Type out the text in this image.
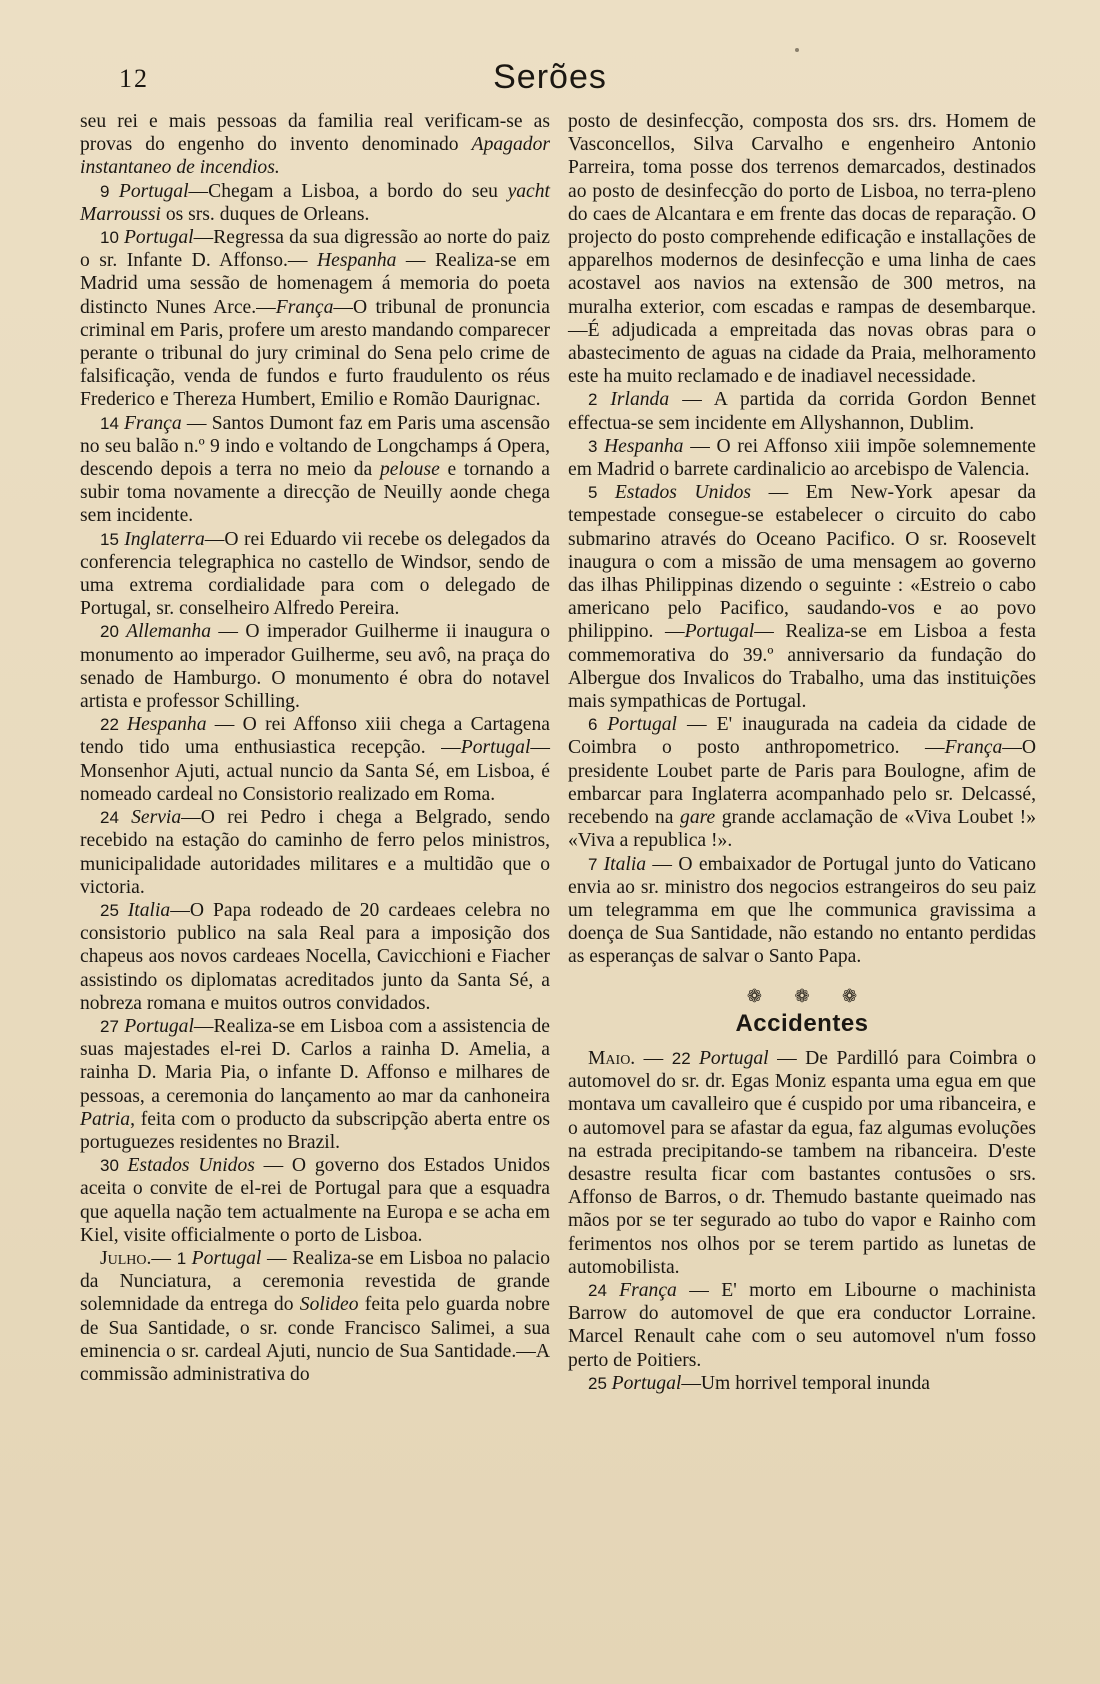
12	Serões

seu rei e mais pessoas da familia real verificam-se as provas do engenho do invento denominado Apagador instantaneo de incendios.

9 Portugal—Chegam a Lisboa, a bordo do seu yacht Marroussi os srs. duques de Orleans.

10 Portugal—Regressa da sua digressão ao norte do paiz o sr. Infante D. Affonso.— Hespanha — Realiza-se em Madrid uma sessão de homenagem á memoria do poeta distincto Nunes Arce.—França—O tribunal de pronuncia criminal em Paris, profere um aresto mandando comparecer perante o tribunal do jury criminal do Sena pelo crime de falsificação, venda de fundos e furto fraudulento os réus Frederico e Thereza Humbert, Emilio e Romão Daurignac.

14 França — Santos Dumont faz em Paris uma ascensão no seu balão n.º 9 indo e voltando de Longchamps á Opera, descendo depois a terra no meio da pelouse e tornando a subir toma novamente a direcção de Neuilly aonde chega sem incidente.

15 Inglaterra—O rei Eduardo vii recebe os delegados da conferencia telegraphica no castello de Windsor, sendo de uma extrema cordialidade para com o delegado de Portugal, sr. conselheiro Alfredo Pereira.

20 Allemanha — O imperador Guilherme ii inaugura o monumento ao imperador Guilherme, seu avô, na praça do senado de Hamburgo. O monumento é obra do notavel artista e professor Schilling.

22 Hespanha — O rei Affonso xiii chega a Cartagena tendo tido uma enthusiastica recepção. —Portugal— Monsenhor Ajuti, actual nuncio da Santa Sé, em Lisboa, é nomeado cardeal no Consistorio realizado em Roma.

24 Servia—O rei Pedro i chega a Belgrado, sendo recebido na estação do caminho de ferro pelos ministros, municipalidade autoridades militares e a multidão que o victoria.

25 Italia—O Papa rodeado de 20 cardeaes celebra no consistorio publico na sala Real para a imposição dos chapeus aos novos cardeaes Nocella, Cavicchioni e Fiacher assistindo os diplomatas acreditados junto da Santa Sé, a nobreza romana e muitos outros convidados.

27 Portugal—Realiza-se em Lisboa com a assistencia de suas majestades el-rei D. Carlos a rainha D. Amelia, a rainha D. Maria Pia, o infante D. Affonso e milhares de pessoas, a ceremonia do lançamento ao mar da canhoneira Patria, feita com o producto da subscripção aberta entre os portuguezes residentes no Brazil.

30 Estados Unidos — O governo dos Estados Unidos aceita o convite de el-rei de Portugal para que a esquadra que aquella nação tem actualmente na Europa e se acha em Kiel, visite officialmente o porto de Lisboa.

Julho.— 1 Portugal — Realiza-se em Lisboa no palacio da Nunciatura, a ceremonia revestida de grande solemnidade da entrega do Solideo feita pelo guarda nobre de Sua Santidade, o sr. conde Francisco Salimei, a sua eminencia o sr. cardeal Ajuti, nuncio de Sua Santidade.—A commissão administrativa do

posto de desinfecção, composta dos srs. drs. Homem de Vasconcellos, Silva Carvalho e engenheiro Antonio Parreira, toma posse dos terrenos demarcados, destinados ao posto de desinfecção do porto de Lisboa, no terra-pleno do caes de Alcantara e em frente das docas de reparação. O projecto do posto comprehende edificação e installações de apparelhos modernos de desinfecção e uma linha de caes acostavel aos navios na extensão de 300 metros, na muralha exterior, com escadas e rampas de desembarque.—É adjudicada a empreitada das novas obras para o abastecimento de aguas na cidade da Praia, melhoramento este ha muito reclamado e de inadiavel necessidade.

2 Irlanda — A partida da corrida Gordon Bennet effectua-se sem incidente em Allyshannon, Dublim.

3 Hespanha — O rei Affonso xiii impõe solemnemente em Madrid o barrete cardinalicio ao arcebispo de Valencia.

5 Estados Unidos — Em New-York apesar da tempestade consegue-se estabelecer o circuito do cabo submarino através do Oceano Pacifico. O sr. Roosevelt inaugura o com a missão de uma mensagem ao governo das ilhas Philippinas dizendo o seguinte : «Estreio o cabo americano pelo Pacifico, saudando-vos e ao povo philippino. —Portugal— Realiza-se em Lisboa a festa commemorativa do 39.º anniversario da fundação do Albergue dos Invalicos do Trabalho, uma das instituições mais sympathicas de Portugal.

6 Portugal — E' inaugurada na cadeia da cidade de Coimbra o posto anthropometrico. —França—O presidente Loubet parte de Paris para Boulogne, afim de embarcar para Inglaterra acompanhado pelo sr. Delcassé, recebendo na gare grande acclamação de «Viva Loubet !» «Viva a republica !».

7 Italia — O embaixador de Portugal junto do Vaticano envia ao sr. ministro dos negocios estrangeiros do seu paiz um telegramma em que lhe communica gravissima a doença de Sua Santidade, não estando no entanto perdidas as esperanças de salvar o Santo Papa.

❁ ❁ ❁
Accidentes

Maio. — 22 Portugal — De Pardilló para Coimbra o automovel do sr. dr. Egas Moniz espanta uma egua em que montava um cavalleiro que é cuspido por uma ribanceira, e o automovel para se afastar da egua, faz algumas evoluções na estrada precipitando-se tambem na ribanceira. D'este desastre resulta ficar com bastantes contusões o srs. Affonso de Barros, o dr. Themudo bastante queimado nas mãos por se ter segurado ao tubo do vapor e Rainho com ferimentos nos olhos por se terem partido as lunetas de automobilista.

24 França — E' morto em Libourne o machinista Barrow do automovel de que era conductor Lorraine. Marcel Renault cahe com o seu automovel n'um fosso perto de Poitiers.

25 Portugal—Um horrivel temporal inunda
